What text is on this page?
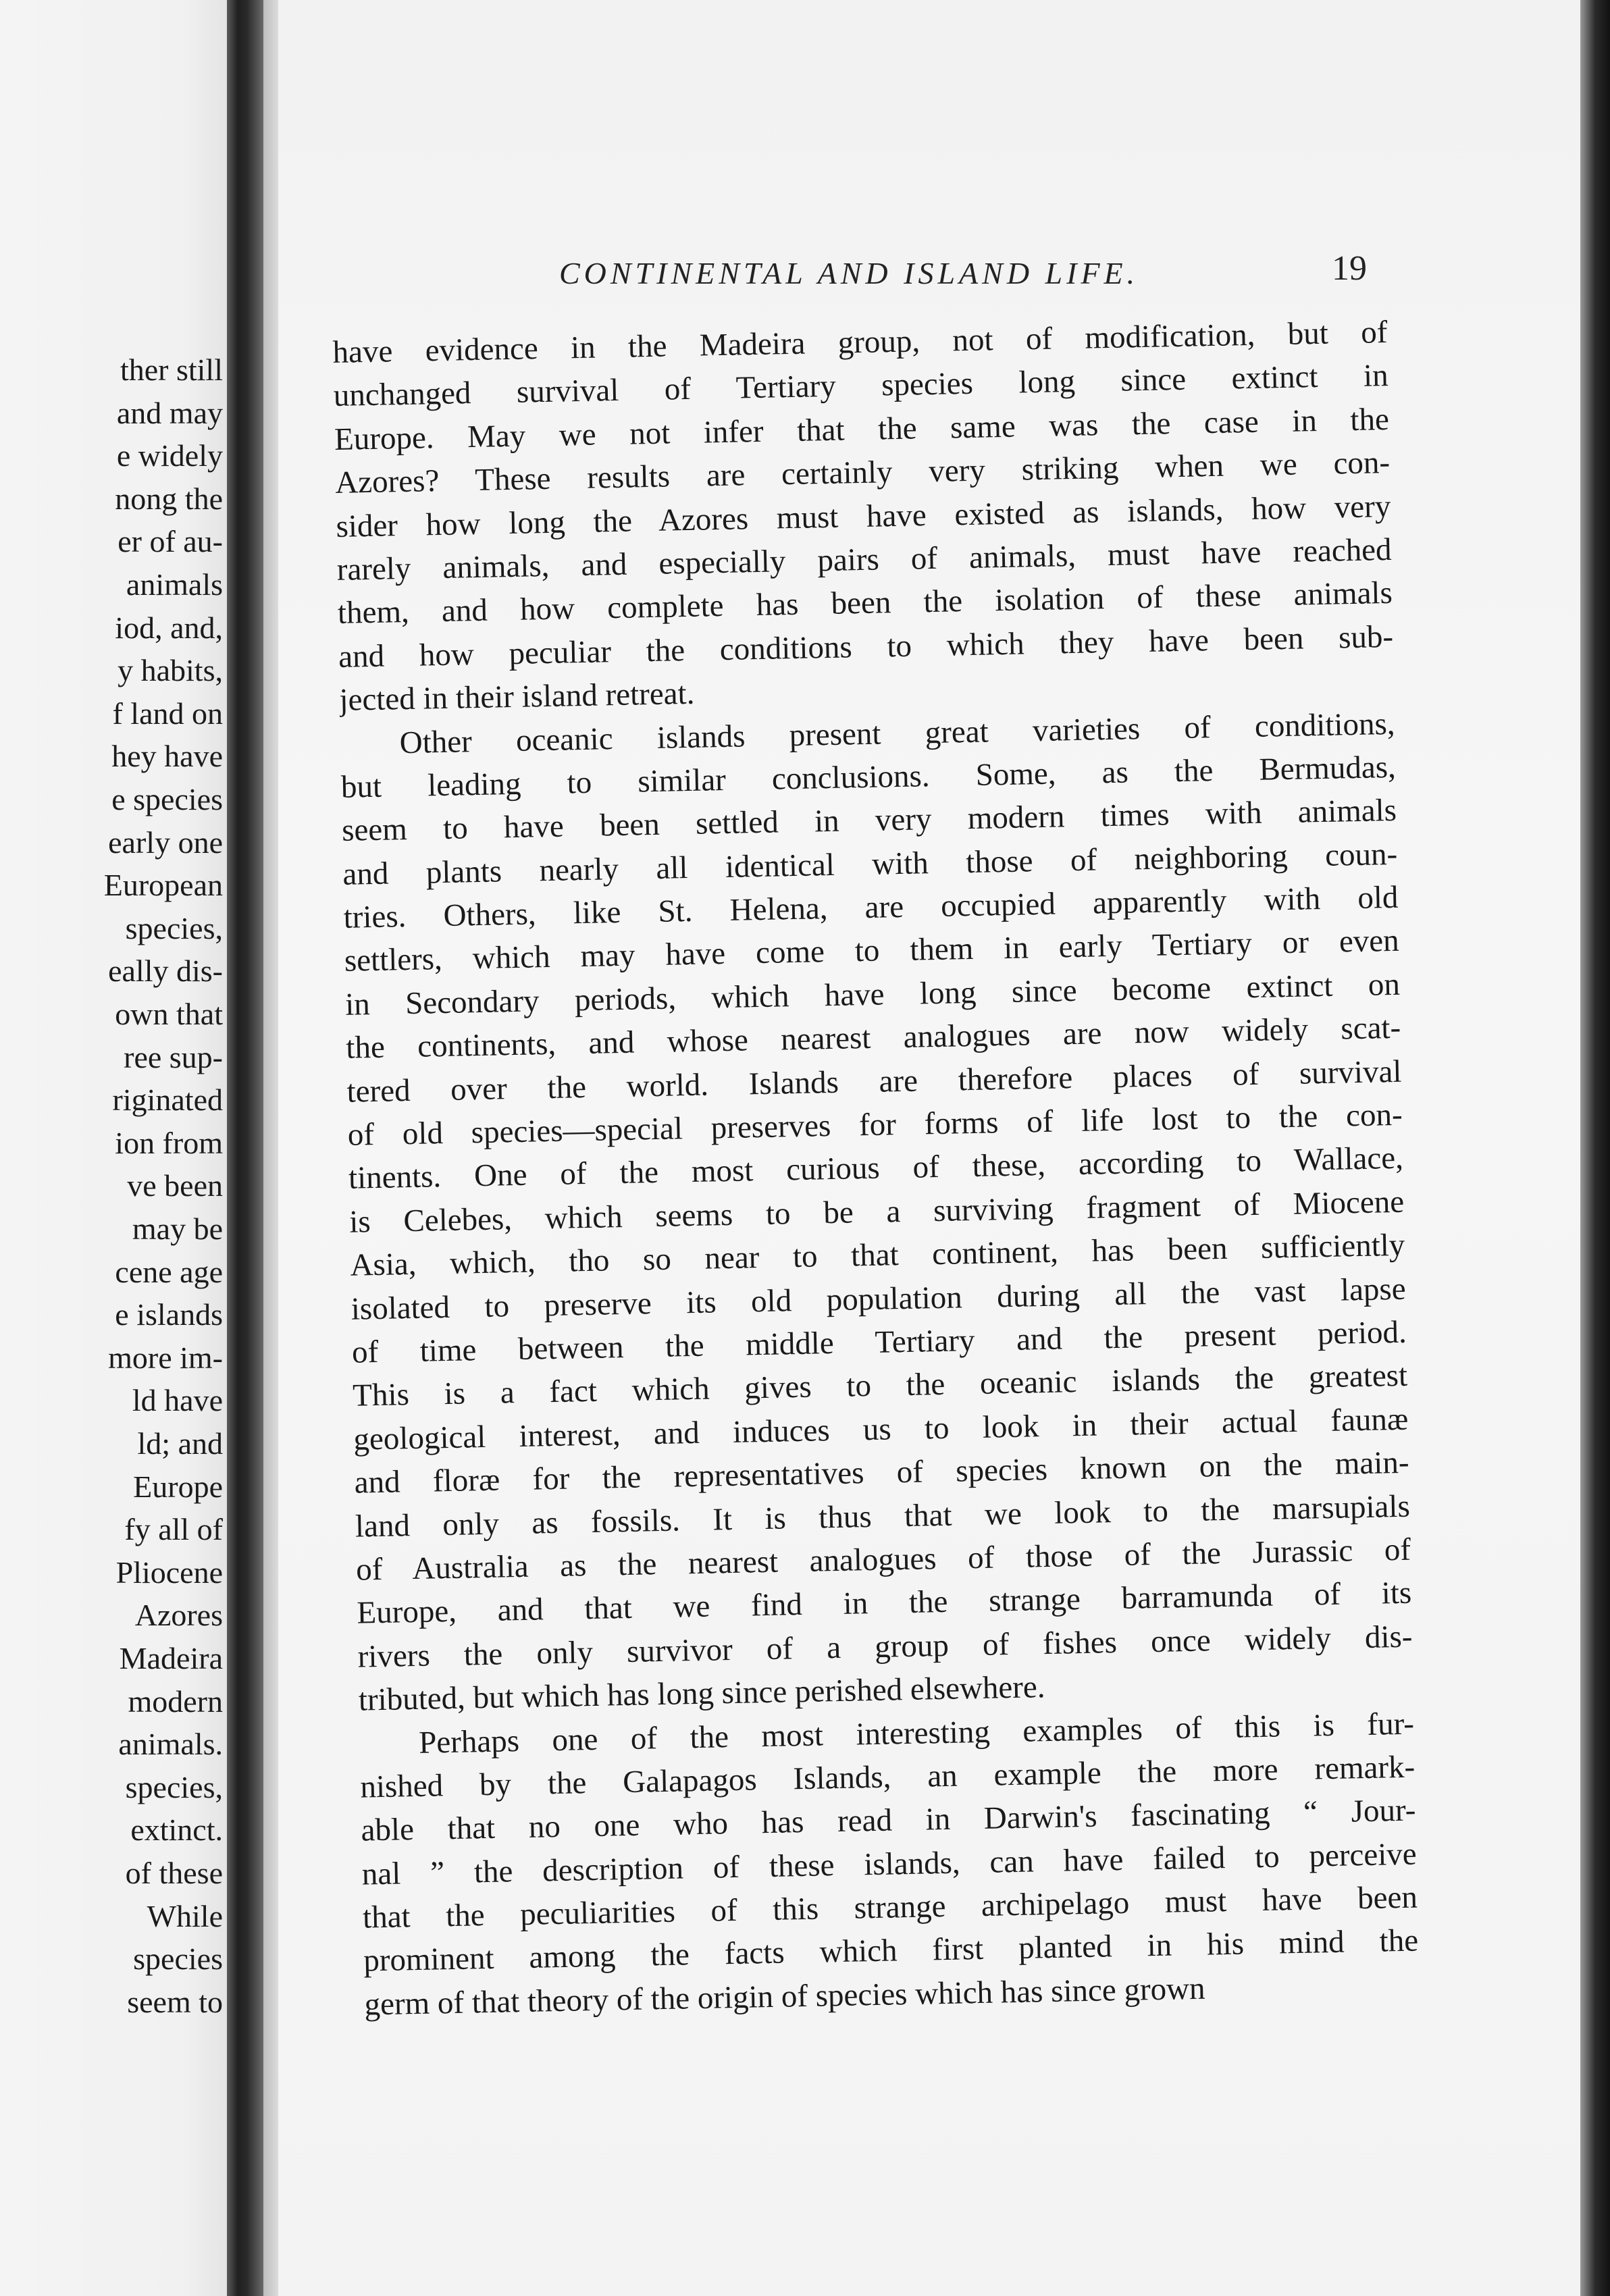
ther still
and may
e widely
nong the
er of au-
animals
iod, and,
y habits,
f land on
hey have
e species
early one
European
species,
eally dis-
own that
ree sup-
riginated
ion from
ve been
may be
cene age
e islands
more im-
ld have
ld; and
Europe
fy all of
Pliocene
Azores
Madeira
modern
animals.
species,
extinct.
of these
While
species
seem to
CONTINENTAL AND ISLAND LIFE.	19
have evidence in the Madeira group, not of modification, but of
unchanged survival of Tertiary species long since extinct in
Europe. May we not infer that the same was the case in the
Azores? These results are certainly very striking when we con-
sider how long the Azores must have existed as islands, how very
rarely animals, and especially pairs of animals, must have reached
them, and how complete has been the isolation of these animals
and how peculiar the conditions to which they have been sub-
jected in their island retreat.
Other oceanic islands present great varieties of conditions,
but leading to similar conclusions. Some, as the Bermudas,
seem to have been settled in very modern times with animals
and plants nearly all identical with those of neighboring coun-
tries. Others, like St. Helena, are occupied apparently with old
settlers, which may have come to them in early Tertiary or even
in Secondary periods, which have long since become extinct on
the continents, and whose nearest analogues are now widely scat-
tered over the world. Islands are therefore places of survival
of old species—special preserves for forms of life lost to the con-
tinents. One of the most curious of these, according to Wallace,
is Celebes, which seems to be a surviving fragment of Miocene
Asia, which, tho so near to that continent, has been sufficiently
isolated to preserve its old population during all the vast lapse
of time between the middle Tertiary and the present period.
This is a fact which gives to the oceanic islands the greatest
geological interest, and induces us to look in their actual faunæ
and floræ for the representatives of species known on the main-
land only as fossils. It is thus that we look to the marsupials
of Australia as the nearest analogues of those of the Jurassic of
Europe, and that we find in the strange barramunda of its
rivers the only survivor of a group of fishes once widely dis-
tributed, but which has long since perished elsewhere.
Perhaps one of the most interesting examples of this is fur-
nished by the Galapagos Islands, an example the more remark-
able that no one who has read in Darwin's fascinating “ Jour-
nal ” the description of these islands, can have failed to perceive
that the peculiarities of this strange archipelago must have been
prominent among the facts which first planted in his mind the
germ of that theory of the origin of species which has since grown
